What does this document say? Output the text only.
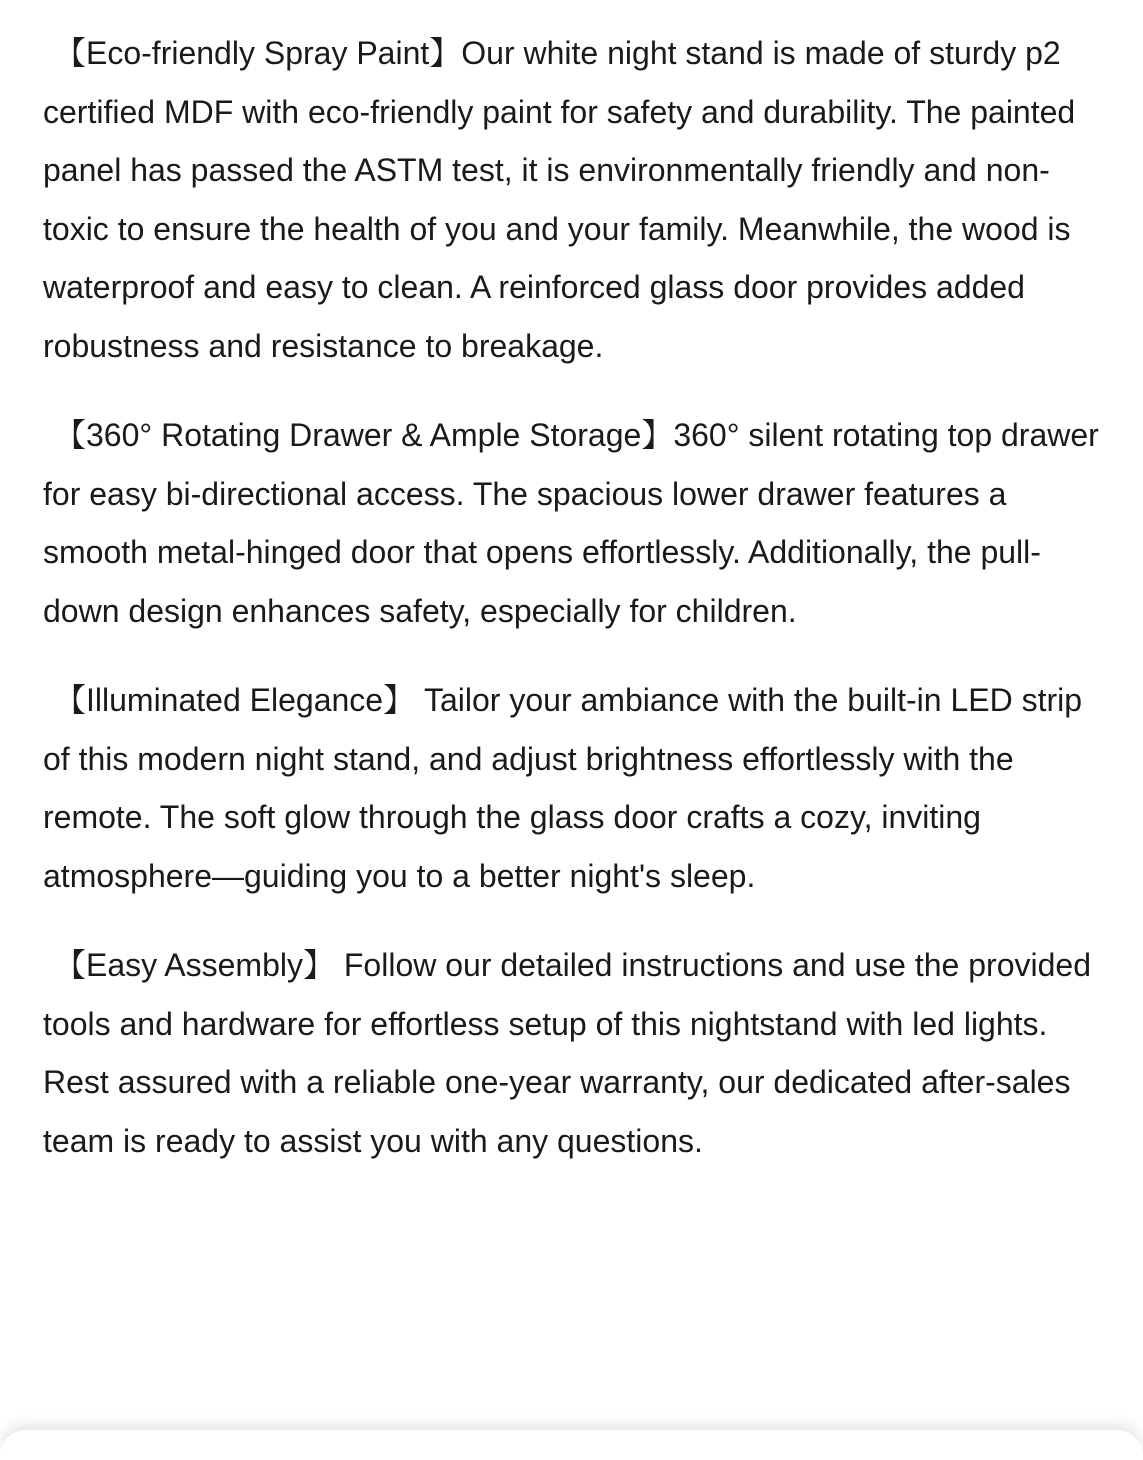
【Eco-friendly Spray Paint】Our white night stand is made of sturdy p2 certified MDF with eco-friendly paint for safety and durability. The painted panel has passed the ASTM test, it is environmentally friendly and non-toxic to ensure the health of you and your family. Meanwhile, the wood is waterproof and easy to clean. A reinforced glass door provides added robustness and resistance to breakage.

【360° Rotating Drawer & Ample Storage】360° silent rotating top drawer for easy bi-directional access. The spacious lower drawer features a smooth metal-hinged door that opens effortlessly. Additionally, the pull-down design enhances safety, especially for children.

【Illuminated Elegance】 Tailor your ambiance with the built-in LED strip of this modern night stand, and adjust brightness effortlessly with the remote. The soft glow through the glass door crafts a cozy, inviting atmosphere—guiding you to a better night's sleep.

【Easy Assembly】 Follow our detailed instructions and use the provided tools and hardware for effortless setup of this nightstand with led lights. Rest assured with a reliable one-year warranty, our dedicated after-sales team is ready to assist you with any questions.
